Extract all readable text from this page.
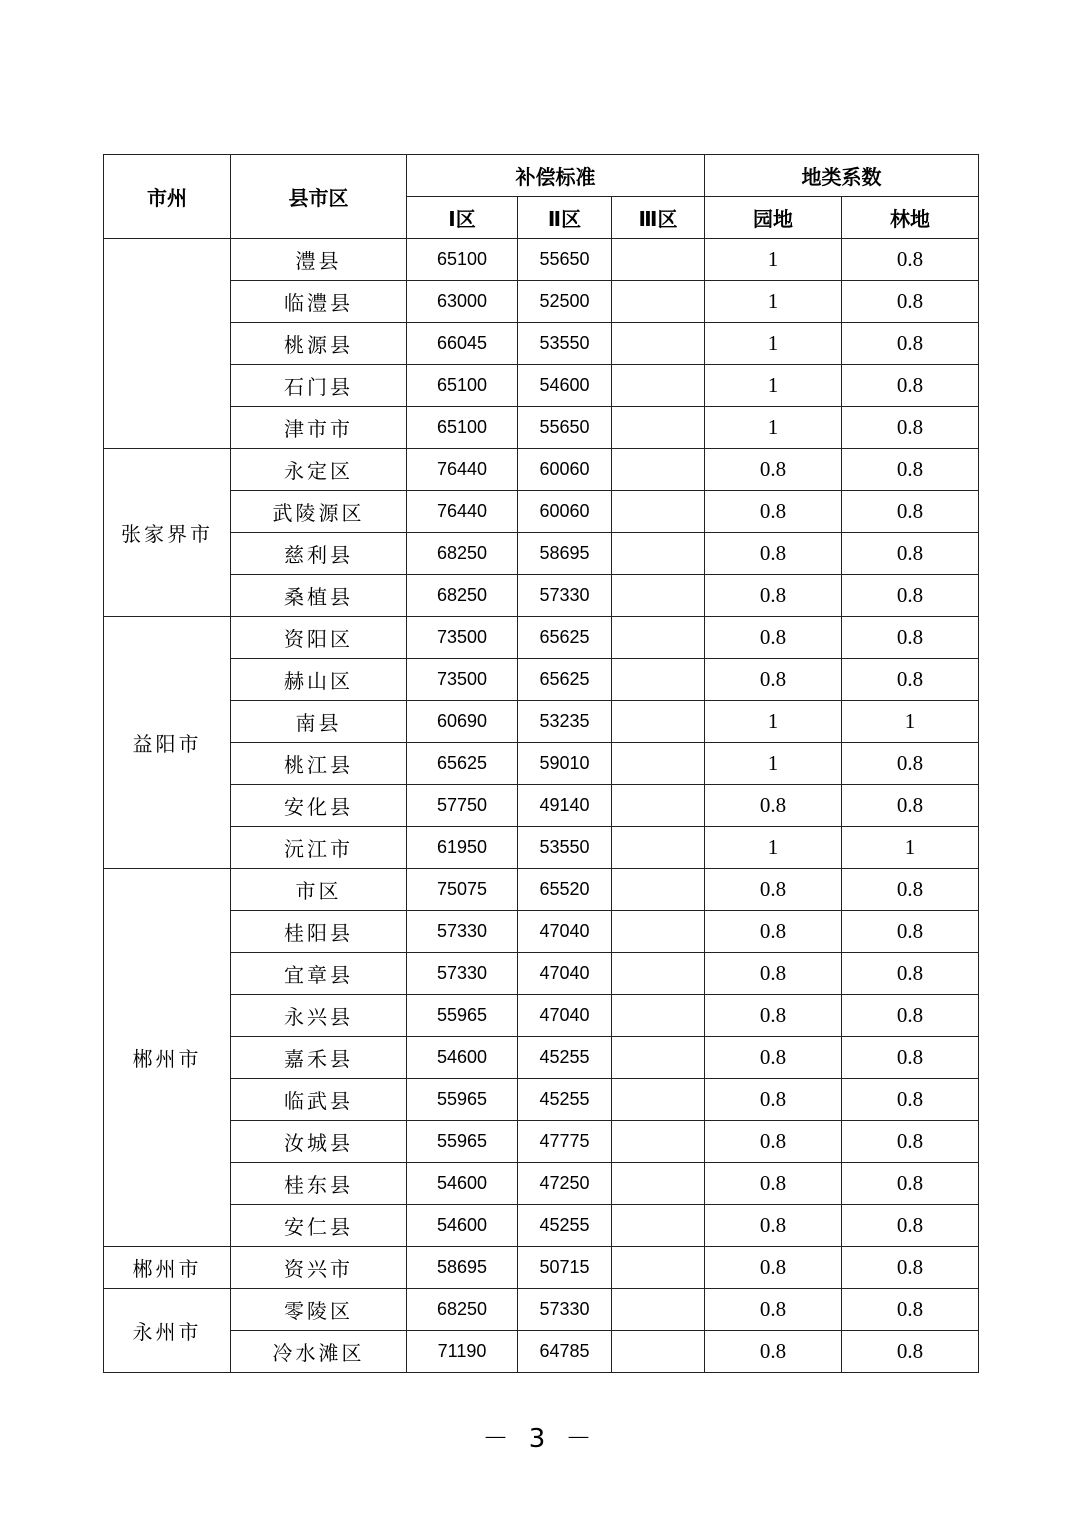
市州	县市区	补偿标准			地类系数	
		Ⅰ区	Ⅱ区	Ⅲ区	园地	林地
	澧县	65100	55650		1	0.8
	临澧县	63000	52500		1	0.8
	桃源县	66045	53550		1	0.8
	石门县	65100	54600		1	0.8
	津市市	65100	55650		1	0.8
张家界市	永定区	76440	60060		0.8	0.8
	武陵源区	76440	60060		0.8	0.8
	慈利县	68250	58695		0.8	0.8
	桑植县	68250	57330		0.8	0.8
益阳市	资阳区	73500	65625		0.8	0.8
	赫山区	73500	65625		0.8	0.8
	南县	60690	53235		1	1
	桃江县	65625	59010		1	0.8
	安化县	57750	49140		0.8	0.8
	沅江市	61950	53550		1	1
郴州市	市区	75075	65520		0.8	0.8
	桂阳县	57330	47040		0.8	0.8
	宜章县	57330	47040		0.8	0.8
	永兴县	55965	47040		0.8	0.8
	嘉禾县	54600	45255		0.8	0.8
	临武县	55965	45255		0.8	0.8
	汝城县	55965	47775		0.8	0.8
	桂东县	54600	47250		0.8	0.8
	安仁县	54600	45255		0.8	0.8
郴州市	资兴市	58695	50715		0.8	0.8
永州市	零陵区	68250	57330		0.8	0.8
	冷水滩区	71190	64785		0.8	0.8
－ 3 －
